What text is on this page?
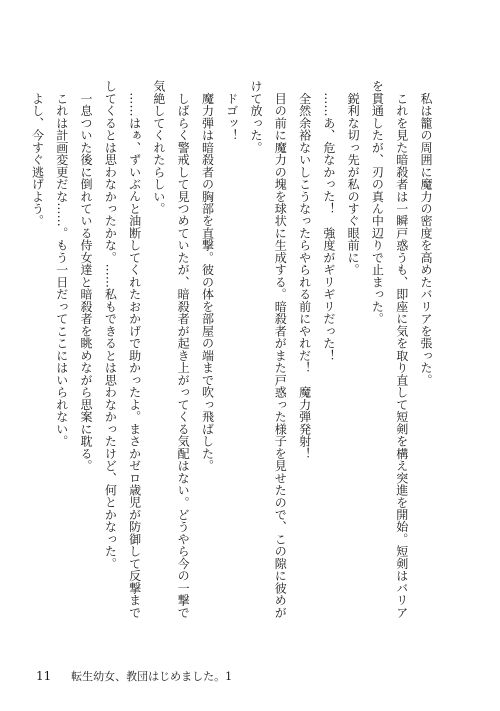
　私は籠の周囲に魔力の密度を高めたバリアを張った。
　これを見た暗殺者は一瞬戸惑うも、即座に気を取り直して短剣を構え突進を開始。短剣はバリア
を貫通したが、刃の真ん中辺りで止まった。
　鋭利な切っ先が私のすぐ眼前に。
　……あ、危なかった！　強度がギリギリだった！
　全然余裕ないしこうなったらやられる前にやれだ！　魔力弾発射！
　目の前に魔力の塊を球状に生成する。暗殺者がまた戸惑った様子を見せたので、この隙に彼めが
けて放った。
　ドゴッ！
　魔力弾は暗殺者の胸部を直撃。彼の体を部屋の端まで吹っ飛ばした。
　しばらく警戒して見つめていたが、暗殺者が起き上がってくる気配はない。どうやら今の一撃で
気絶してくれたらしい。
　……はぁ、ずいぶんと油断してくれたおかげで助かったよ。まさかゼロ歳児が防御して反撃まで
してくるとは思わなかったかな。……私もできるとは思わなかったけど、何とかなった。
　一息ついた後に倒れている侍女達と暗殺者を眺めながら思案に耽る。
　これは計画変更だな……。もう一日だってここにはいられない。
　よし、今すぐ逃げよう。
11 転生幼女、教団はじめました。1
